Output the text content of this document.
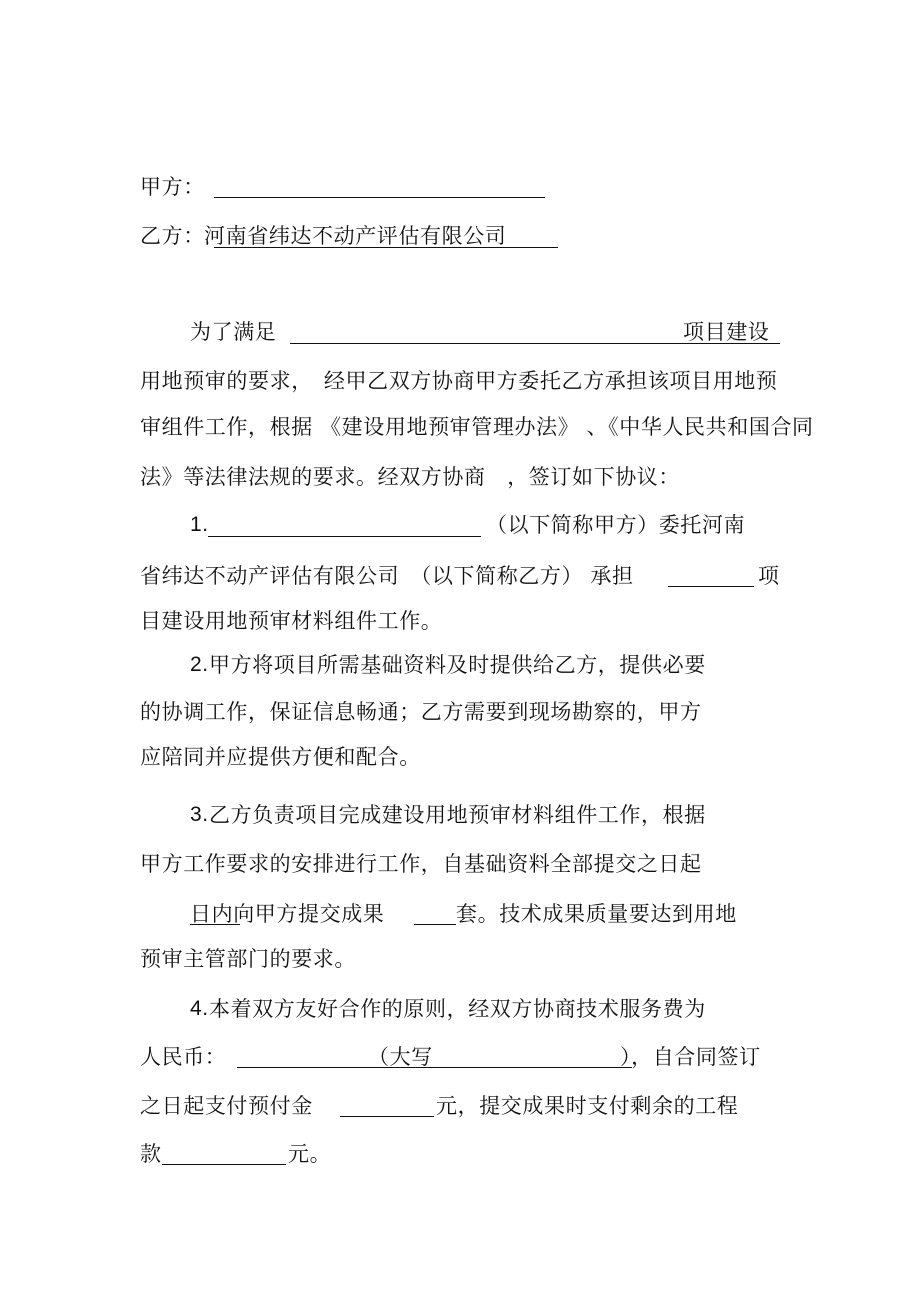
甲方：
乙方： 河南省纬达不动产评估有限公司
为了满足	项目建设
用地预审的要求，　经甲乙双方协商甲方委托乙方承担该项目用地预
审组件工作，根据 《建设用地预审管理办法》 、《中华人民共和国合同
法》等法律法规的要求。经双方协商　，签订如下协议：
1.	（以下简称甲方）委托河南
省纬达不动产评估有限公司　（以下简称乙方） 承担	项
目建设用地预审材料组件工作。
2. 甲方将项目所需基础资料及时提供给乙方，提供必要
的协调工作，保证信息畅通；乙方需要到现场勘察的，甲方
应陪同并应提供方便和配合。
3. 乙方负责项目完成建设用地预审材料组件工作，根据
甲方工作要求的安排进行工作，自基础资料全部提交之日起
日内向甲方提交成果	套。技术成果质量要达到用地
预审主管部门的要求。
4. 本着双方友好合作的原则，经双方协商技术服务费为
人民币：	（大写	），自合同签订
之日起支付预付金	元，提交成果时支付剩余的工程
款	元。
